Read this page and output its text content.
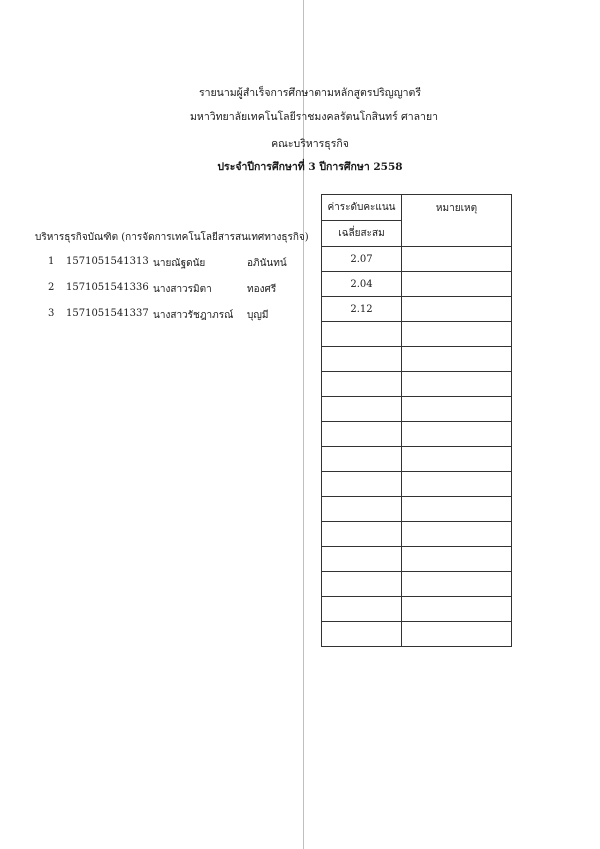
รายนามผู้สำเร็จการศึกษาตามหลักสูตรปริญญาตรี
มหาวิทยาลัยเทคโนโลยีราชมงคลรัตนโกสินทร์ ศาลายา
คณะบริหารธุรกิจ
ประจำปีการศึกษาที่ 3 ปีการศึกษา 2558
บริหารธุรกิจบัณฑิต (การจัดการเทคโนโลยีสารสนเทศทางธุรกิจ)
1 1571051541313 นายณัฐดนัย	อภินันทน์
2 1571051541336 นางสาวรมิตา	ทองศรี
3 1571051541337 นางสาวรัชฎาภรณ์ บุญมี
ค่าระดับคะแนน	หมายเหตุ
เฉลี่ยสะสม	
2.07	
2.04	
2.12	
